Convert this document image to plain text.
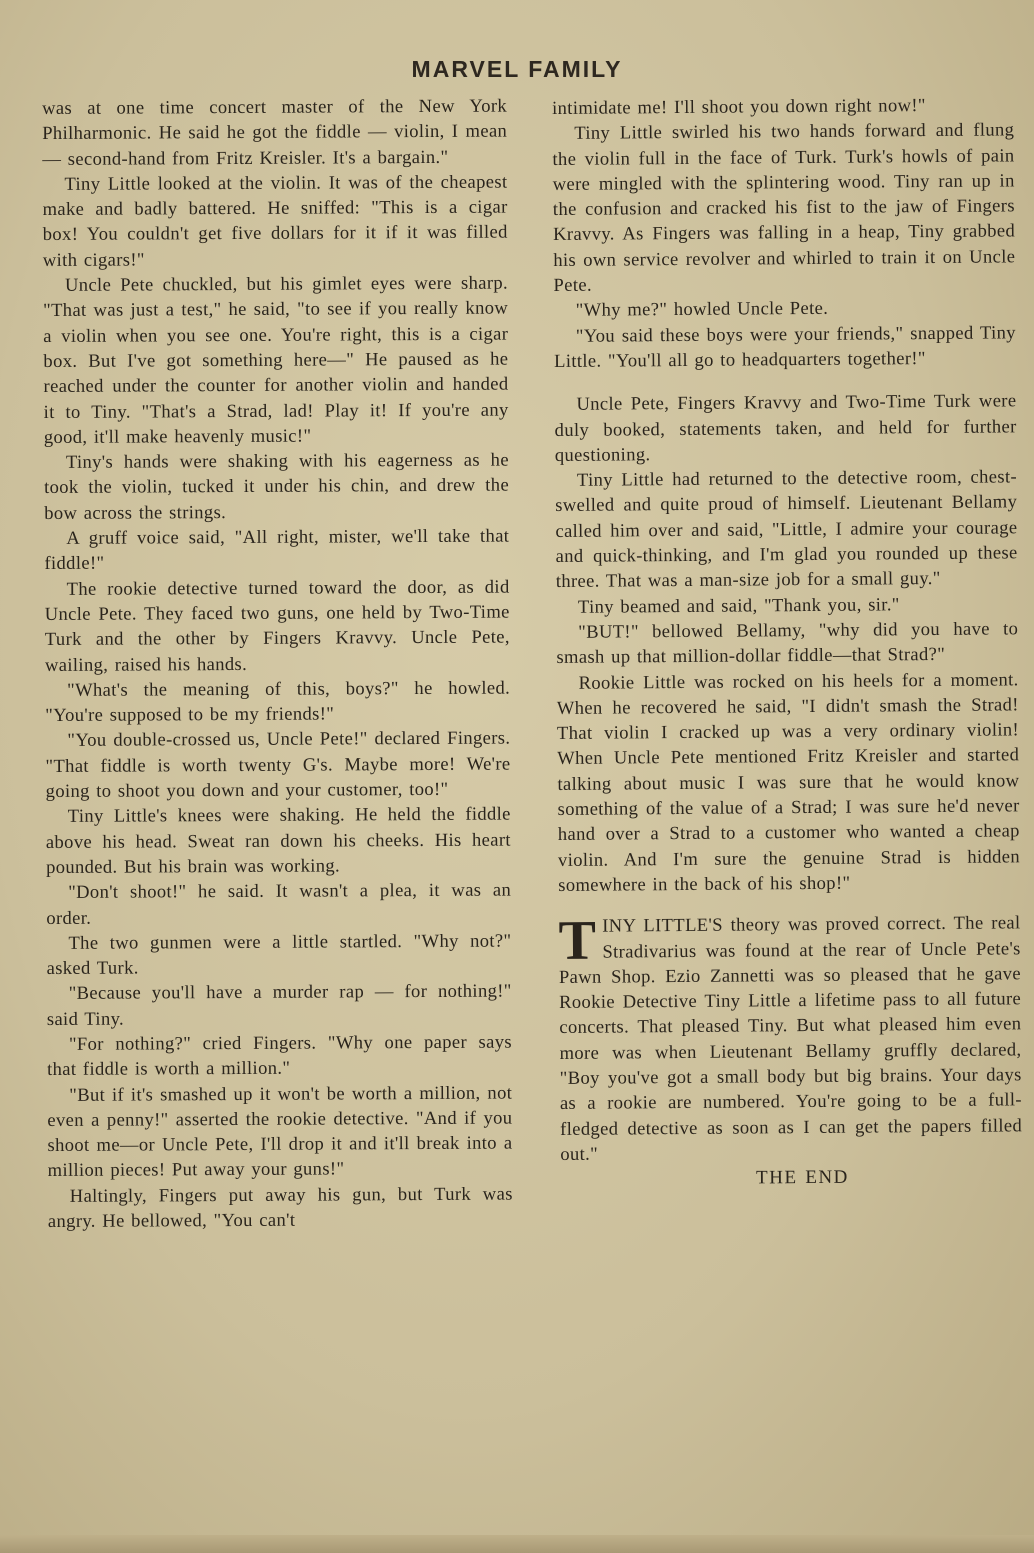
MARVEL FAMILY

was at one time concert master of the New York Philharmonic. He said he got the fiddle — violin, I mean — second-hand from Fritz Kreisler. It's a bargain."

Tiny Little looked at the violin. It was of the cheapest make and badly battered. He sniffed: "This is a cigar box! You couldn't get five dollars for it if it was filled with cigars!"

Uncle Pete chuckled, but his gimlet eyes were sharp. "That was just a test," he said, "to see if you really know a violin when you see one. You're right, this is a cigar box. But I've got something here—" He paused as he reached under the counter for another violin and handed it to Tiny. "That's a Strad, lad! Play it! If you're any good, it'll make heavenly music!"

Tiny's hands were shaking with his eagerness as he took the violin, tucked it under his chin, and drew the bow across the strings.

A gruff voice said, "All right, mister, we'll take that fiddle!"

The rookie detective turned toward the door, as did Uncle Pete. They faced two guns, one held by Two-Time Turk and the other by Fingers Kravvy. Uncle Pete, wailing, raised his hands.

"What's the meaning of this, boys?" he howled. "You're supposed to be my friends!"

"You double-crossed us, Uncle Pete!" declared Fingers. "That fiddle is worth twenty G's. Maybe more! We're going to shoot you down and your customer, too!"

Tiny Little's knees were shaking. He held the fiddle above his head. Sweat ran down his cheeks. His heart pounded. But his brain was working.

"Don't shoot!" he said. It wasn't a plea, it was an order.

The two gunmen were a little startled. "Why not?" asked Turk.

"Because you'll have a murder rap — for nothing!" said Tiny.

"For nothing?" cried Fingers. "Why one paper says that fiddle is worth a million."

"But if it's smashed up it won't be worth a million, not even a penny!" asserted the rookie detective. "And if you shoot me—or Uncle Pete, I'll drop it and it'll break into a million pieces! Put away your guns!"

Haltingly, Fingers put away his gun, but Turk was angry. He bellowed, "You can't

intimidate me! I'll shoot you down right now!"

Tiny Little swirled his two hands forward and flung the violin full in the face of Turk. Turk's howls of pain were mingled with the splintering wood. Tiny ran up in the confusion and cracked his fist to the jaw of Fingers Kravvy. As Fingers was falling in a heap, Tiny grabbed his own service revolver and whirled to train it on Uncle Pete.

"Why me?" howled Uncle Pete.

"You said these boys were your friends," snapped Tiny Little. "You'll all go to headquarters together!"

Uncle Pete, Fingers Kravvy and Two-Time Turk were duly booked, statements taken, and held for further questioning.

Tiny Little had returned to the detective room, chest-swelled and quite proud of himself. Lieutenant Bellamy called him over and said, "Little, I admire your courage and quick-thinking, and I'm glad you rounded up these three. That was a man-size job for a small guy."

Tiny beamed and said, "Thank you, sir."

"BUT!" bellowed Bellamy, "why did you have to smash up that million-dollar fiddle—that Strad?"

Rookie Little was rocked on his heels for a moment. When he recovered he said, "I didn't smash the Strad! That violin I cracked up was a very ordinary violin! When Uncle Pete mentioned Fritz Kreisler and started talking about music I was sure that he would know something of the value of a Strad; I was sure he'd never hand over a Strad to a customer who wanted a cheap violin. And I'm sure the genuine Strad is hidden somewhere in the back of his shop!"

TINY LITTLE'S theory was proved correct. The real Stradivarius was found at the rear of Uncle Pete's Pawn Shop. Ezio Zannetti was so pleased that he gave Rookie Detective Tiny Little a lifetime pass to all future concerts. That pleased Tiny. But what pleased him even more was when Lieutenant Bellamy gruffly declared, "Boy you've got a small body but big brains. Your days as a rookie are numbered. You're going to be a full-fledged detective as soon as I can get the papers filled out."

THE END
